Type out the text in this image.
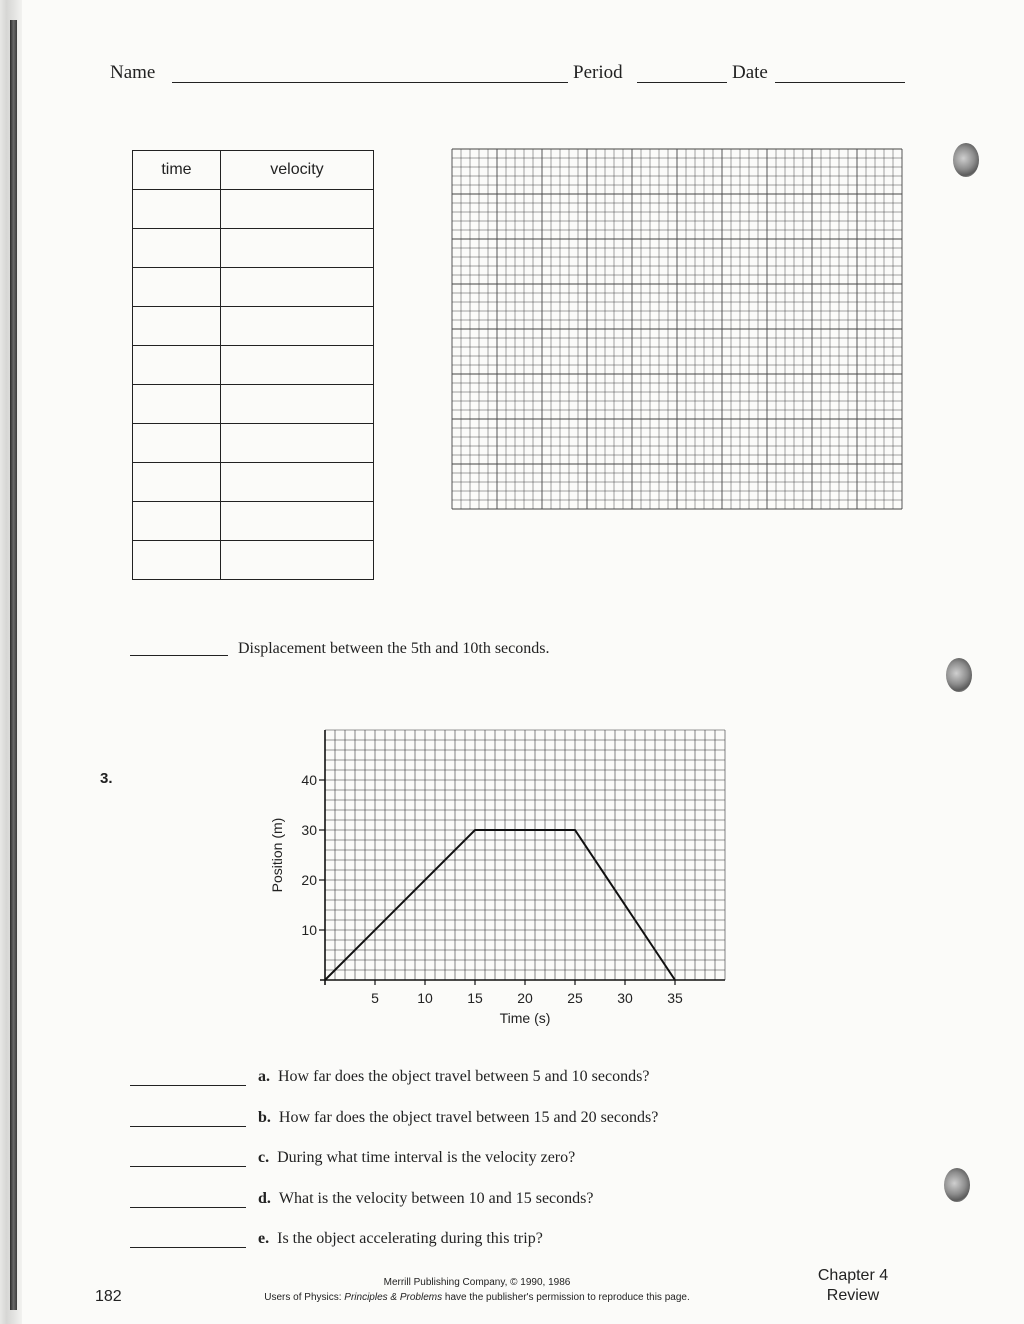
Name	Period	Date
time	velocity

Displacement between the 5th and 10th seconds.
3.
5	10 15 20 25 30 35
10
20
30
40
Time (s)
Position (m)
a. How far does the object travel between 5 and 10 seconds?
b. How far does the object travel between 15 and 20 seconds?
c. During what time interval is the velocity zero?
d. What is the velocity between 10 and 15 seconds?
e. Is the object accelerating during this trip?
182
Merrill Publishing Company, © 1990, 1986
Users of Physics: Principles & Problems have the publisher's permission to reproduce this page.
Chapter 4
Review
